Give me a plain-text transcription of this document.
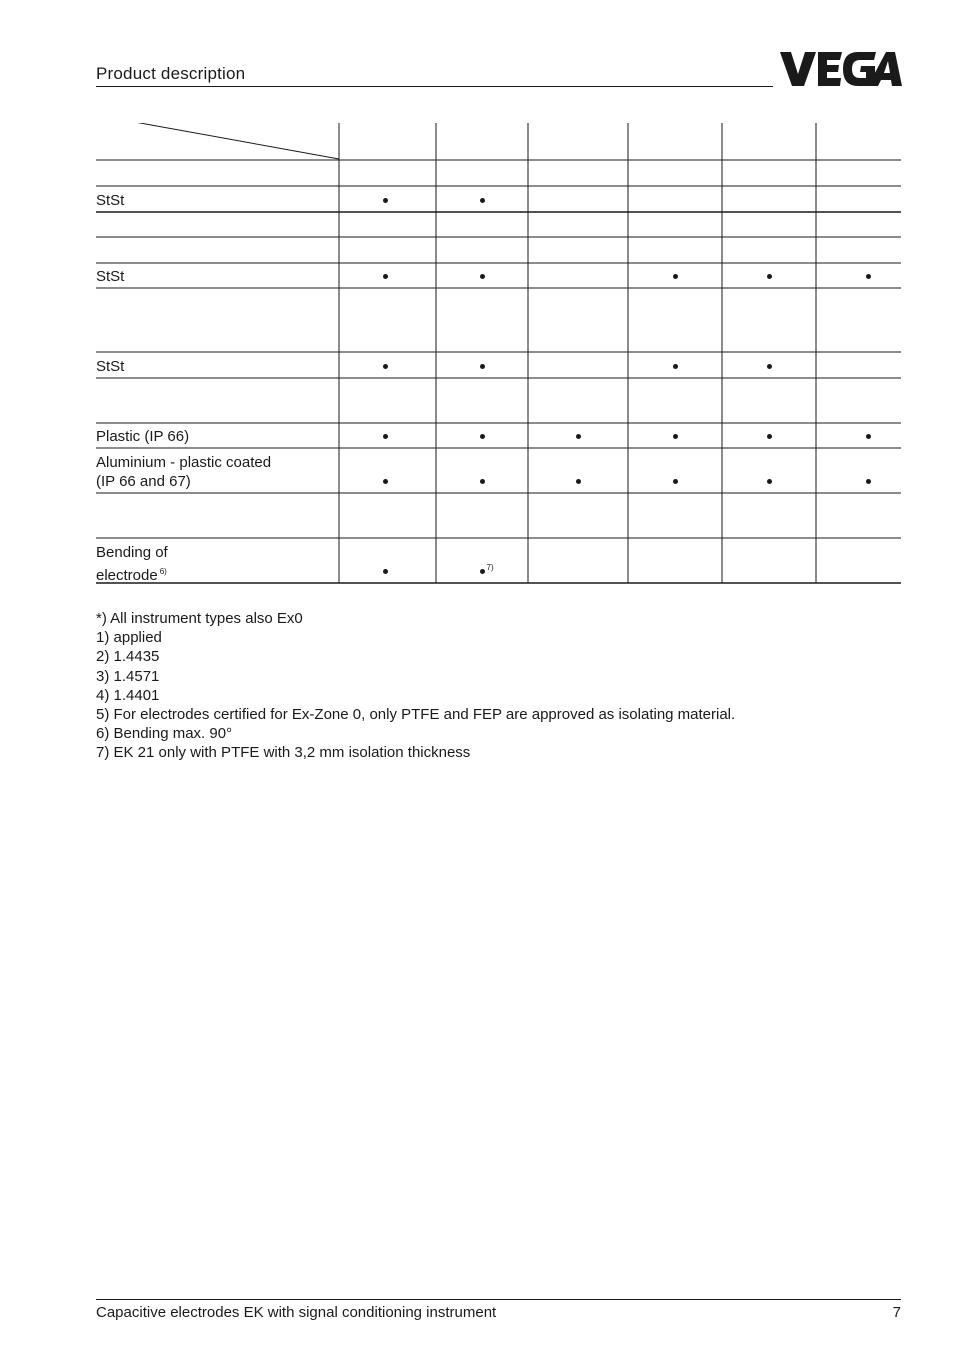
Product description
StSt
StSt
StSt
Plastic (IP 66)
Aluminium - plastic coated
(IP 66 and 67)
Bending of
electrode $^{6)}$	7)
*) All instrument types also Ex0
1) applied
2) 1.4435
3) 1.4571
4) 1.4401
5) For electrodes certified for Ex-Zone 0, only PTFE and FEP are approved as isolating material.
6) Bending max. 90°
7) EK 21 only with PTFE with 3,2 mm isolation thickness
Capacitive electrodes EK with signal conditioning instrument	7
